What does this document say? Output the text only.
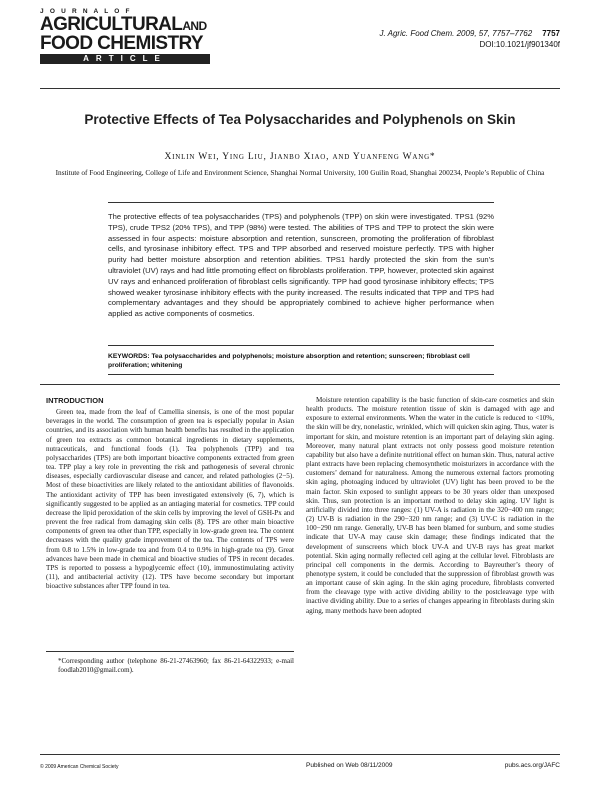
J O U R N A L O F
AGRICULTURALAND
FOOD CHEMISTRY
ARTICLE
J. Agric. Food Chem. 2009, 57, 7757–7762 7757
DOI:10.1021/jf901340f
Protective Effects of Tea Polysaccharides and Polyphenols on Skin
Xinlin Wei, Ying Liu, Jianbo Xiao, and Yuanfeng Wang*
Institute of Food Engineering, College of Life and Environment Science, Shanghai Normal University, 100 Guilin Road, Shanghai 200234, People’s Republic of China
The protective effects of tea polysaccharides (TPS) and polyphenols (TPP) on skin were investigated. TPS1 (92% TPS), crude TPS2 (20% TPS), and TPP (98%) were tested. The abilities of TPS and TPP to protect the skin were assessed in four aspects: moisture absorption and retention, sunscreen, promoting the proliferation of fibroblast cells, and tyrosinase inhibitory effect. TPS and TPP absorbed and reserved moisture perfectly. TPS with higher purity had better moisture absorption and retention abilities. TPS1 hardly protected the skin from the sun’s ultraviolet (UV) rays and had little promoting effect on fibroblasts proliferation. TPP, however, protected skin against UV rays and enhanced proliferation of fibroblast cells significantly. TPP had good tyrosinase inhibitory effects; TPS showed weaker tyrosinase inhibitory effects with the purity increased. The results indicated that TPP and TPS had complementary advantages and they should be appropriately combined to achieve higher performance when applied as active components of cosmetics.
KEYWORDS: Tea polysaccharides and polyphenols; moisture absorption and retention; sunscreen; fibroblast cell proliferation; whitening
INTRODUCTION

Green tea, made from the leaf of Camellia sinensis, is one of the most popular beverages in the world. The consumption of green tea is especially popular in Asian countries, and its association with human health benefits has resulted in the application of green tea extracts as common botanical ingredients in dietary supplements, nutraceuticals, and functional foods (1). Tea polyphenols (TPP) and tea polysaccharides (TPS) are both important bioactive components extracted from green tea. TPP play a key role in preventing the risk and pathogenesis of several chronic diseases, especially cardiovascular disease and cancer, and related pathologies (2−5). Most of these bioactivities are likely related to the antioxidant abilities of flavonoids. The antioxidant activity of TPP has been investigated extensively (6, 7), which is significantly suggested to be applied as an antiaging material for cosmetics. TPP could decrease the lipid peroxidation of the skin cells by improving the level of GSH-Px and prevent the free radical from damaging skin cells (8). TPS are other main bioactive components of green tea other than TPP, especially in low-grade green tea. The content decreases with the quality grade improvement of the tea. The contents of TPS were from 0.8 to 1.5% in low-grade tea and from 0.4 to 0.9% in high-grade tea (9). Great advances have been made in chemical and bioactive studies of TPS in recent decades. TPS is reported to possess a hypoglycemic effect (10), immunostimulating activity (11), and antibacterial activity (12). TPS have become secondary but important bioactive substances after TPP found in tea.

*Corresponding author (telephone 86-21-27463960; fax 86-21-64322933; e-mail foodlab2010@gmail.com).

Moisture retention capability is the basic function of skin-care cosmetics and skin health products. The moisture retention tissue of skin is damaged with age and exposure to external environments. When the water in the cuticle is reduced to <10%, the skin will be dry, nonelastic, wrinkled, which will quicken skin aging. Thus, water is important for skin, and moisture retention is an important part of delaying skin aging. Moreover, many natural plant extracts not only possess good moisture retention capability but also have a definite nutritional effect on human skin. Thus, natural active plant extracts have been replacing chemosynthetic moisturizers in accordance with the customers’ demand for naturalness. Among the numerous external factors promoting skin aging, photoaging induced by ultraviolet (UV) light has been proved to be the main factor. Skin exposed to sunlight appears to be 30 years older than unexposed skin. Thus, sun protection is an important method to delay skin aging. UV light is artificially divided into three ranges: (1) UV-A is radiation in the 320−400 nm range; (2) UV-B is radiation in the 290−320 nm range; and (3) UV-C is radiation in the 100−290 nm range. Generally, UV-B has been blamed for sunburn, and some studies indicate that UV-A may cause skin damage; these findings indicated that the development of sunscreens which block UV-A and UV-B rays has great market potential. Skin aging normally reflected cell aging at the cellular level. Fibroblasts are principal cell components in the dermis. According to Bayreuther’s theory of phenotype system, it could be concluded that the suppression of fibroblast growth was an important cause of skin aging. In the skin aging procedure, fibroblasts converted from the cleavage type with active dividing ability to the postcleavage type with inactive dividing ability. Due to a series of changes appearing in fibroblasts during skin aging, many methods have been adopted

© 2009 American Chemical Society	Published on Web 08/11/2009	pubs.acs.org/JAFC
